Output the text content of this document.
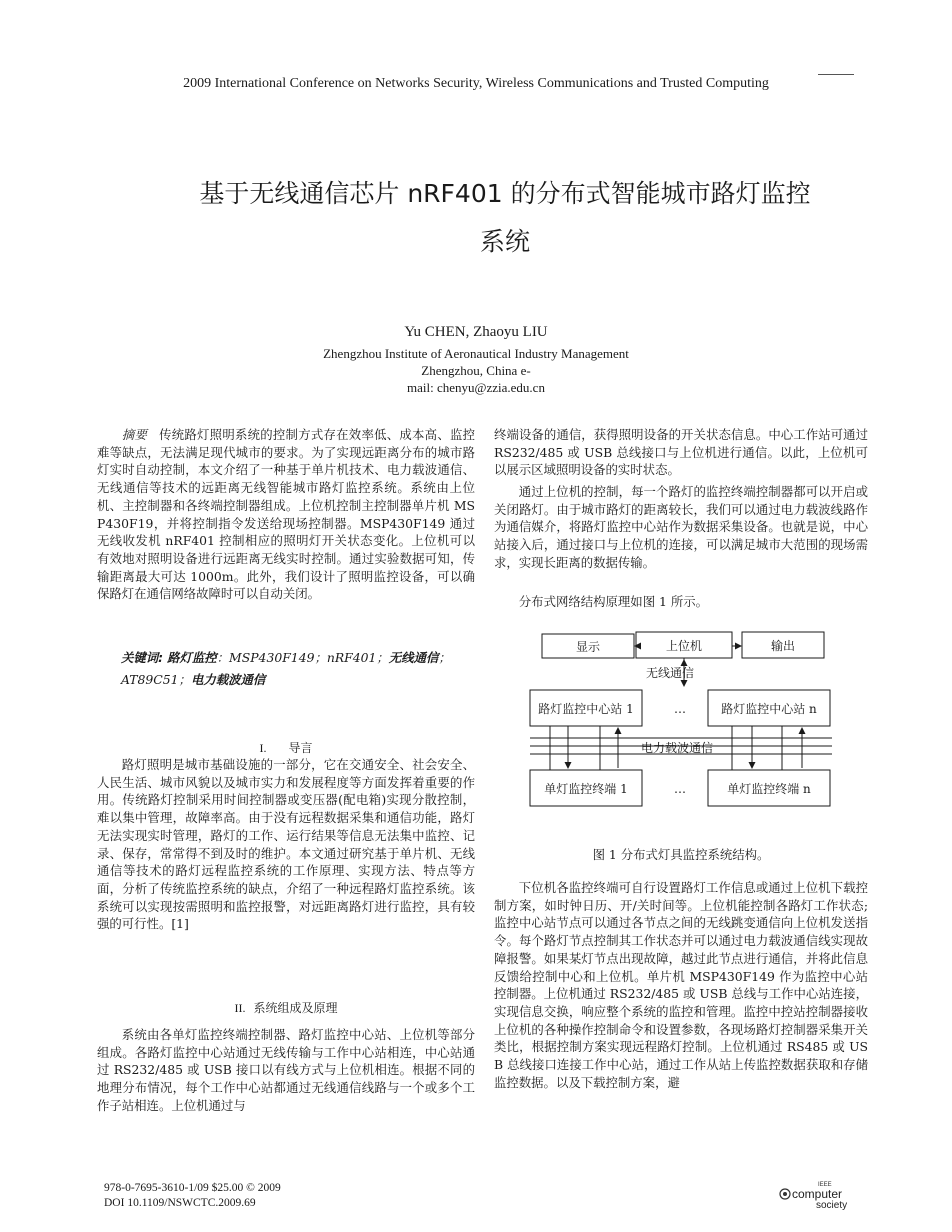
2009 International Conference on Networks Security, Wireless Communications and Trusted Computing
基于无线通信芯片 nRF401 的分布式智能城市路灯监控
系统
Yu CHEN, Zhaoyu LIU
Zhengzhou Institute of Aeronautical Industry Management
Zhengzhou, China e-
mail: chenyu@zzia.edu.cn
摘要 传统路灯照明系统的控制方式存在效率低、成本高、监控难等缺点，无法满足现代城市的要求。为了实现远距离分布的城市路灯实时自动控制，本文介绍了一种基于单片机技术、电力载波通信、无线通信等技术的远距离无线智能城市路灯监控系统。系统由上位机、主控制器和各终端控制器组成。上位机控制主控制器单片机 MSP430F19，并将控制指令发送给现场控制器。MSP430F149 通过无线收发机 nRF401 控制相应的照明灯开关状态变化。上位机可以有效地对照明设备进行远距离无线实时控制。通过实验数据可知，传输距离最大可达 1000m。此外，我们设计了照明监控设备，可以确保路灯在通信网络故障时可以自动关闭。
关键词: 路灯监控：MSP430F149；nRF401；无线通信；AT89C51；电力载波通信
I. 导言
路灯照明是城市基础设施的一部分，它在交通安全、社会安全、人民生活、城市风貌以及城市实力和发展程度等方面发挥着重要的作用。传统路灯控制采用时间控制器或变压器(配电箱)实现分散控制，难以集中管理，故障率高。由于没有远程数据采集和通信功能，路灯无法实现实时管理，路灯的工作、运行结果等信息无法集中监控、记录、保存，常常得不到及时的维护。本文通过研究基于单片机、无线通信等技术的路灯远程监控系统的工作原理、实现方法、特点等方面，分析了传统监控系统的缺点，介绍了一种远程路灯监控系统。该系统可以实现按需照明和监控报警，对远距离路灯进行监控，具有较强的可行性。[1]
II. 系统组成及原理
系统由各单灯监控终端控制器、路灯监控中心站、上位机等部分组成。各路灯监控中心站通过无线传输与工作中心站相连，中心站通过 RS232/485 或 USB 接口以有线方式与上位机相连。根据不同的地理分布情况，每个工作中心站都通过无线通信线路与一个或多个工作子站相连。上位机通过与
终端设备的通信，获得照明设备的开关状态信息。中心工作站可通过 RS232/485 或 USB 总线接口与上位机进行通信。以此，上位机可以展示区域照明设备的实时状态。
通过上位机的控制，每一个路灯的监控终端控制器都可以开启或关闭路灯。由于城市路灯的距离较长，我们可以通过电力载波线路作为通信媒介，将路灯监控中心站作为数据采集设备。也就是说，中心站接入后，通过接口与上位机的连接，可以满足城市大范围的现场需求，实现长距离的数据传输。
分布式网络结构原理如图 1 所示。
显示	上位机	输出
无线通信
路灯监控中心站 1	…	路灯监控中心站 n
电力载波通信
单灯监控终端 1	…	单灯监控终端 n
图 1 分布式灯具监控系统结构。
下位机各监控终端可自行设置路灯工作信息或通过上位机下载控制方案，如时钟日历、开/关时间等。上位机能控制各路灯工作状态;监控中心站节点可以通过各节点之间的无线跳变通信向上位机发送指令。每个路灯节点控制其工作状态并可以通过电力载波通信线实现故障报警。如果某灯节点出现故障，越过此节点进行通信，并将此信息反馈给控制中心和上位机。单片机 MSP430F149 作为监控中心站控制器。上位机通过 RS232/485 或 USB 总线与工作中心站连接，实现信息交换，响应整个系统的监控和管理。监控中控站控制器接收上位机的各种操作控制命令和设置参数，各现场路灯控制器采集开关类比，根据控制方案实现远程路灯控制。上位机通过 RS485 或 USB 总线接口连接工作中心站，通过工作从站上传监控数据获取和存储监控数据。以及下载控制方案，避
978-0-7695-3610-1/09 $25.00 © 2009
DOI 10.1109/NSWCTC.2009.69
IEEE
computer
society
